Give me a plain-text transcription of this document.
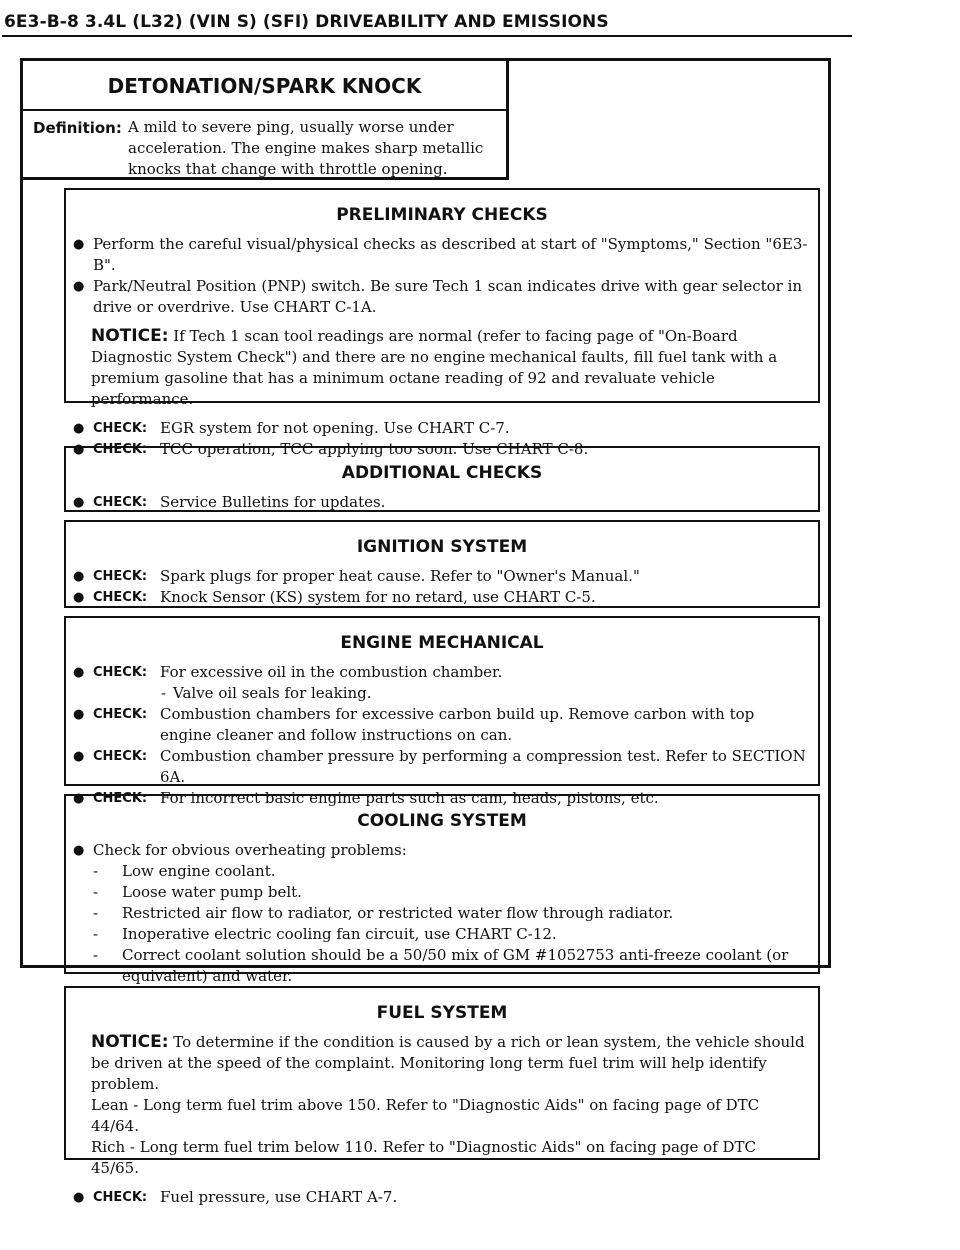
6E3-B-8 3.4L (L32) (VIN S) (SFI) DRIVEABILITY AND EMISSIONS
DETONATION/SPARK KNOCK
Definition: A mild to severe ping, usually worse under acceleration. The engine makes sharp metallic knocks that change with throttle opening.
PRELIMINARY CHECKS
● Perform the careful visual/physical checks as described at start of "Symptoms," Section "6E3-B".
● Park/Neutral Position (PNP) switch. Be sure Tech 1 scan indicates drive with gear selector in drive or overdrive. Use CHART C-1A.
NOTICE: If Tech 1 scan tool readings are normal (refer to facing page of "On-Board Diagnostic System Check") and there are no engine mechanical faults, fill fuel tank with a premium gasoline that has a minimum octane reading of 92 and revaluate vehicle performance.
● CHECK: EGR system for not opening. Use CHART C-7.
● CHECK: TCC operation, TCC applying too soon. Use CHART C-8.
ADDITIONAL CHECKS
● CHECK: Service Bulletins for updates.
IGNITION SYSTEM
● CHECK: Spark plugs for proper heat cause. Refer to "Owner's Manual."
● CHECK: Knock Sensor (KS) system for no retard, use CHART C-5.
ENGINE MECHANICAL
● CHECK: For excessive oil in the combustion chamber.
- Valve oil seals for leaking.
● CHECK: Combustion chambers for excessive carbon build up. Remove carbon with top engine cleaner and follow instructions on can.
● CHECK: Combustion chamber pressure by performing a compression test. Refer to SECTION 6A.
● CHECK: For incorrect basic engine parts such as cam, heads, pistons, etc.
COOLING SYSTEM
● Check for obvious overheating problems:
- Low engine coolant.
- Loose water pump belt.
- Restricted air flow to radiator, or restricted water flow through radiator.
- Inoperative electric cooling fan circuit, use CHART C-12.
- Correct coolant solution should be a 50/50 mix of GM #1052753 anti-freeze coolant (or equivalent) and water.
FUEL SYSTEM
NOTICE: To determine if the condition is caused by a rich or lean system, the vehicle should be driven at the speed of the complaint. Monitoring long term fuel trim will help identify problem.
Lean - Long term fuel trim above 150. Refer to "Diagnostic Aids" on facing page of DTC 44/64.
Rich - Long term fuel trim below 110. Refer to "Diagnostic Aids" on facing page of DTC 45/65.
● CHECK: Fuel pressure, use CHART A-7.
